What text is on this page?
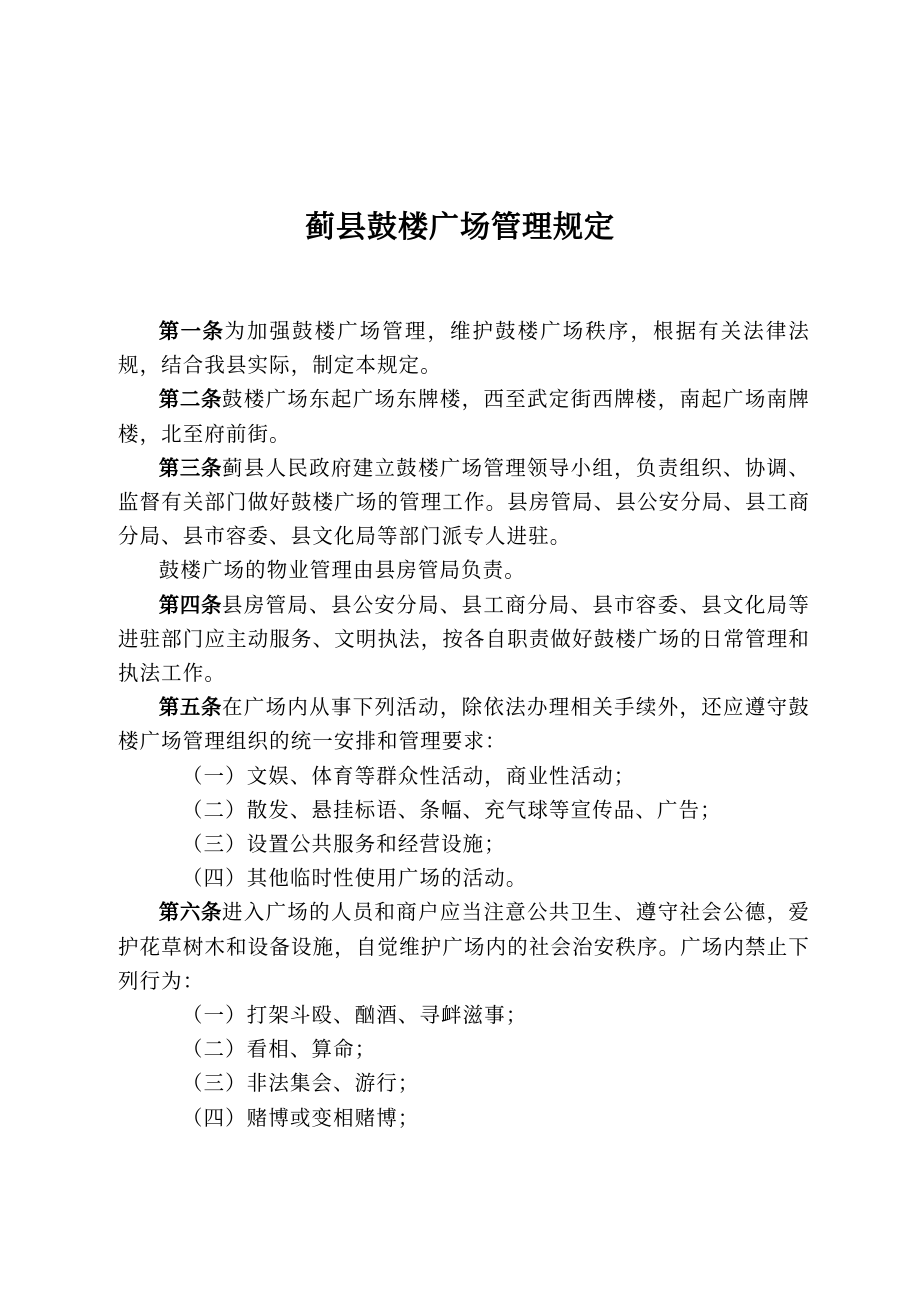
蓟县鼓楼广场管理规定

第一条为加强鼓楼广场管理，维护鼓楼广场秩序，根据有关法律法规，结合我县实际，制定本规定。

第二条鼓楼广场东起广场东牌楼，西至武定街西牌楼，南起广场南牌楼，北至府前街。

第三条蓟县人民政府建立鼓楼广场管理领导小组，负责组织、协调、监督有关部门做好鼓楼广场的管理工作。县房管局、县公安分局、县工商分局、县市容委、县文化局等部门派专人进驻。

鼓楼广场的物业管理由县房管局负责。

第四条县房管局、县公安分局、县工商分局、县市容委、县文化局等进驻部门应主动服务、文明执法，按各自职责做好鼓楼广场的日常管理和执法工作。

第五条在广场内从事下列活动，除依法办理相关手续外，还应遵守鼓楼广场管理组织的统一安排和管理要求：

（一）文娱、体育等群众性活动，商业性活动；

（二）散发、悬挂标语、条幅、充气球等宣传品、广告；

（三）设置公共服务和经营设施；

（四）其他临时性使用广场的活动。

第六条进入广场的人员和商户应当注意公共卫生、遵守社会公德，爱护花草树木和设备设施，自觉维护广场内的社会治安秩序。广场内禁止下列行为：

（一）打架斗殴、酗酒、寻衅滋事；

（二）看相、算命；

（三）非法集会、游行；

（四）赌博或变相赌博；
